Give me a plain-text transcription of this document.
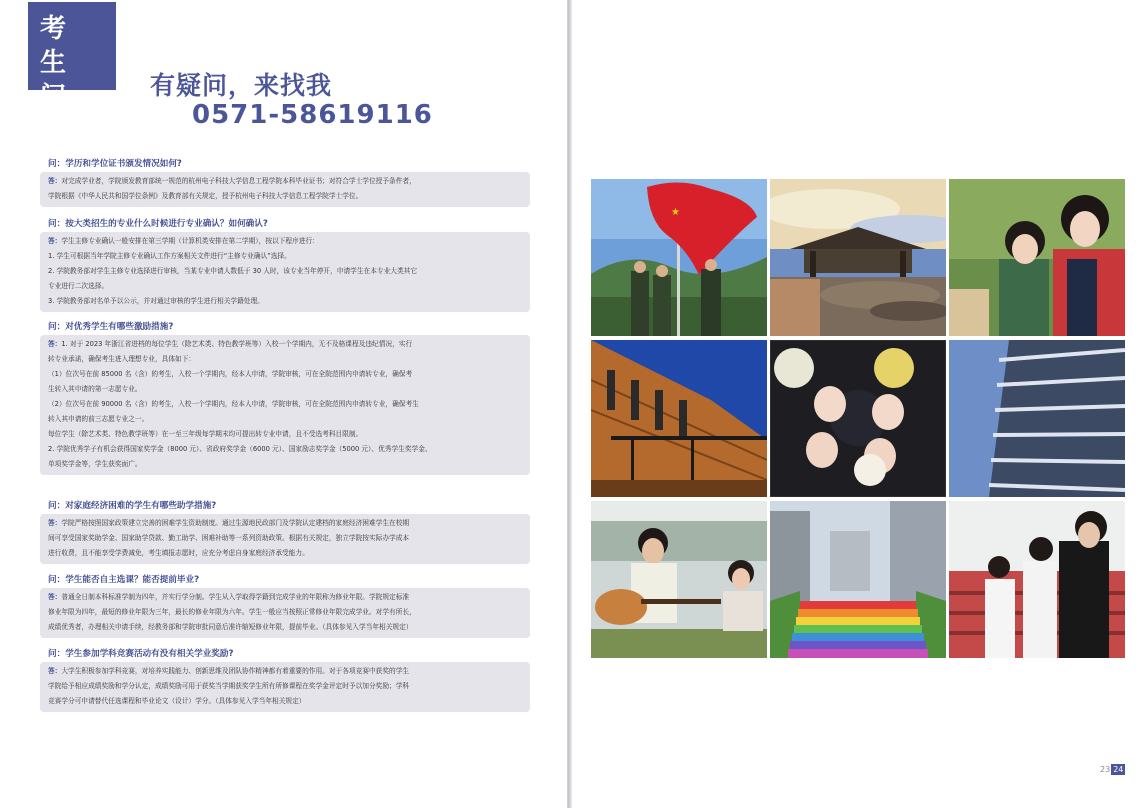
考 生
问 答
有疑问，来找我
0571-58619116
问：学历和学位证书颁发情况如何?

答：对完成学业者，学院颁发教育部统一规范的杭州电子科技大学信息工程学院本科毕业证书；对符合学士学位授予条件者，

学院根据《中华人民共和国学位条例》及教育部有关规定，授予杭州电子科技大学信息工程学院学士学位。

问：按大类招生的专业什么时候进行专业确认？如何确认?

答：学生主修专业确认一般安排在第三学期（计算机类安排在第二学期），按以下程序进行：

1. 学生可根据当年学院主修专业确认工作方案相关文件进行“主修专业确认”选择。

2. 学院教务部对学生主修专业选择进行审核，当某专业申请人数低于 30 人时，该专业当年停开，申请学生在本专业大类其它

专业进行二次选择。

3. 学院教务部对名单予以公示，并对通过审核的学生进行相关学籍处理。

问：对优秀学生有哪些激励措施?

答：1. 对于 2023 年浙江省进档的每位学生（除艺术类、特色教学班等）入校一个学期内，无不及格课程及违纪情况，实行

转专业承诺，确保考生进入理想专业，具体如下：

（1）位次号在前 85000 名（含）的考生，入校一个学期内，经本人申请，学院审核，可在全院范围内申请转专业，确保考

生转入其申请的第一志愿专业。

（2）位次号在前 90000 名（含）的考生，入校一个学期内，经本人申请，学院审核，可在全院范围内申请转专业，确保考生

转入其申请的前三志愿专业之一。

每位学生（除艺术类、特色教学班等）在一至三年级每学期末均可提出转专业申请，且不受选考科目限制。

2. 学院优秀学子有机会获得国家奖学金（8000 元）、省政府奖学金（6000 元）、国家励志奖学金（5000 元）、优秀学生奖学金、

单项奖学金等，学生获奖面广。

问：对家庭经济困难的学生有哪些助学措施?

答：学院严格按照国家政策建立完善的困难学生资助制度。通过生源地民政部门及学院认定建档的家庭经济困难学生在校期

间可享受国家奖助学金、国家助学贷款、勤工助学、困难补助等一系列资助政策。根据有关规定，独立学院按实际办学成本

进行收费，且不能享受学费减免，考生填报志愿时，应充分考虑自身家庭经济承受能力。

问：学生能否自主选课？能否提前毕业?

答：普通全日制本科标准学制为四年，并实行学分制。学生从入学取得学籍到完成学业的年限称为修业年限。学院规定标准

修业年限为四年，最短的修业年限为三年，最长的修业年限为六年。学生一般应当按照正常修业年限完成学业。对学有所长，

成绩优秀者，办理相关申请手续，经教务部和学院审批同意后准许缩短修业年限，提前毕业。（具体参见入学当年相关规定）

问：学生参加学科竞赛活动有没有相关学业奖励?

答：大学生积极参加学科竞赛，对培养实践能力、创新思维及团队协作精神都有着重要的作用。对于各项竞赛中获奖的学生

学院给予相应成绩奖励和学分认定，成绩奖励可用于获奖当学期获奖学生所有所修课程在奖学金评定时予以加分奖励；学科

竞赛学分可申请替代任选课程和毕业论文（设计）学分。（具体参见入学当年相关规定）

★
23 24
